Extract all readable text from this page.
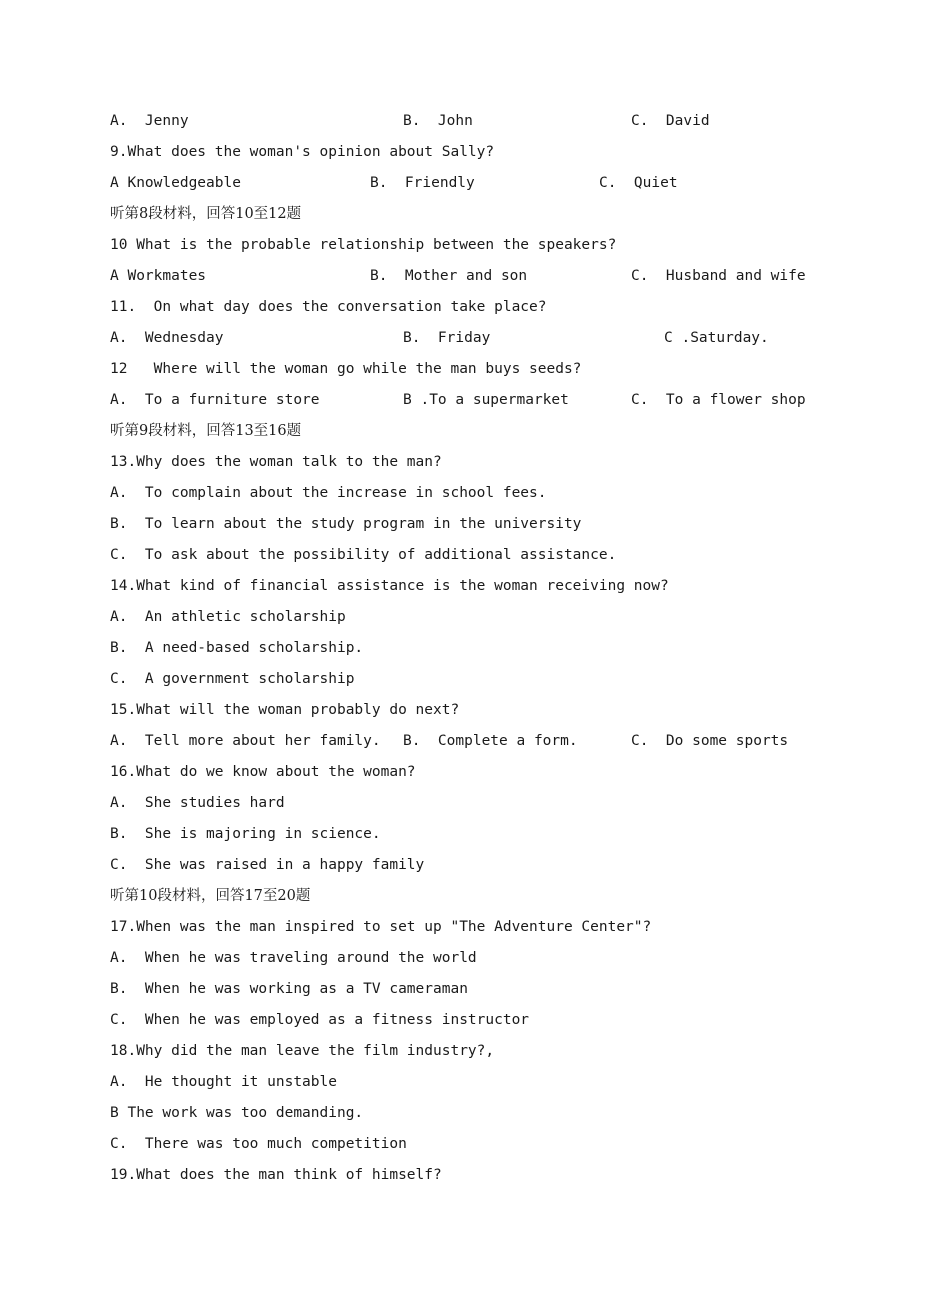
A.  Jenny

	B.  John

	C.  David

9.What does the woman's opinion about Sally?

A Knowledgeable

	B.  Friendly

	C.  Quiet

听第8段材料，回答10至12题
10 What is the probable relationship between the speakers?

A Workmates

	B.  Mother and son

	C.  Husband and wife

11.  On what day does the conversation take place?

A.  Wednesday

	B.  Friday

	C .Saturday.

12   Where will the woman go while the man buys seeds?

A.  To a furniture store

	B .To a supermarket

	C.  To a flower shop

听第9段材料，回答13至16题
13.Why does the woman talk to the man?
A.  To complain about the increase in school fees.
B.  To learn about the study program in the university
C.  To ask about the possibility of additional assistance.
14.What kind of financial assistance is the woman receiving now?
A.  An athletic scholarship
B.  A need-based scholarship.
C.  A government scholarship
15.What will the woman probably do next?

A.  Tell more about her family.

B.  Complete a form.

	C.  Do some sports

16.What do we know about the woman?
A.  She studies hard
B.  She is majoring in science.
C.  She was raised in a happy family
听第10段材料，回答17至20题
17.When was the man inspired to set up "The Adventure Center"?
A.  When he was traveling around the world
B.  When he was working as a TV cameraman
C.  When he was employed as a fitness instructor
18.Why did the man leave the film industry?,
A.  He thought it unstable
B The work was too demanding.
C.  There was too much competition
19.What does the man think of himself?
